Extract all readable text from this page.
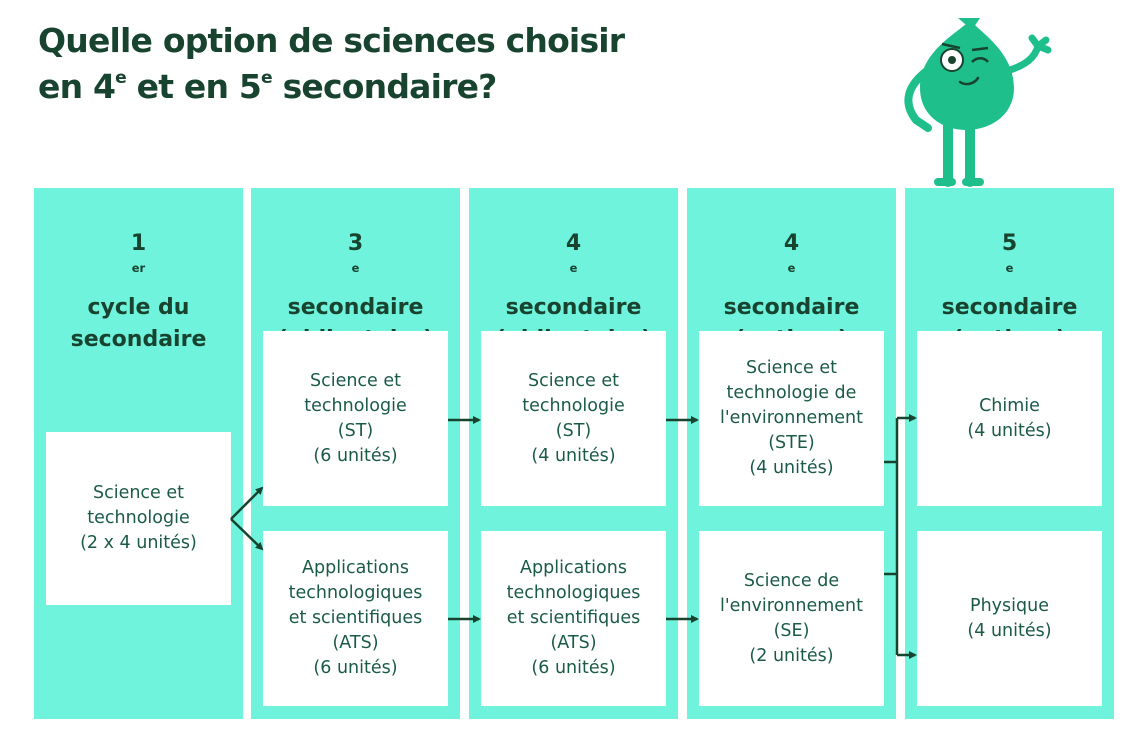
Quelle option de sciences choisir
en 4e et en 5e secondaire?
1
$^{er}$
cycle du
secondaire
3
$^e$
secondaire
4
$^e$
secondaire
4
$^e$
secondaire
5
$^e$
secondaire
Science et
technologie
(2 x 4 unités)
Science et
technologie
(ST)
(6 unités)
Applications
technologiques
et scientifiques
(ATS)
(6 unités)
Science et
technologie
(ST)
(4 unités)
Applications
technologiques
et scientifiques
(ATS)
(6 unités)
Science et
technologie de
l'environnement
(STE)
(4 unités)
Science de
l'environnement
(SE)
(2 unités)
Chimie
(4 unités)
Physique
(4 unités)
